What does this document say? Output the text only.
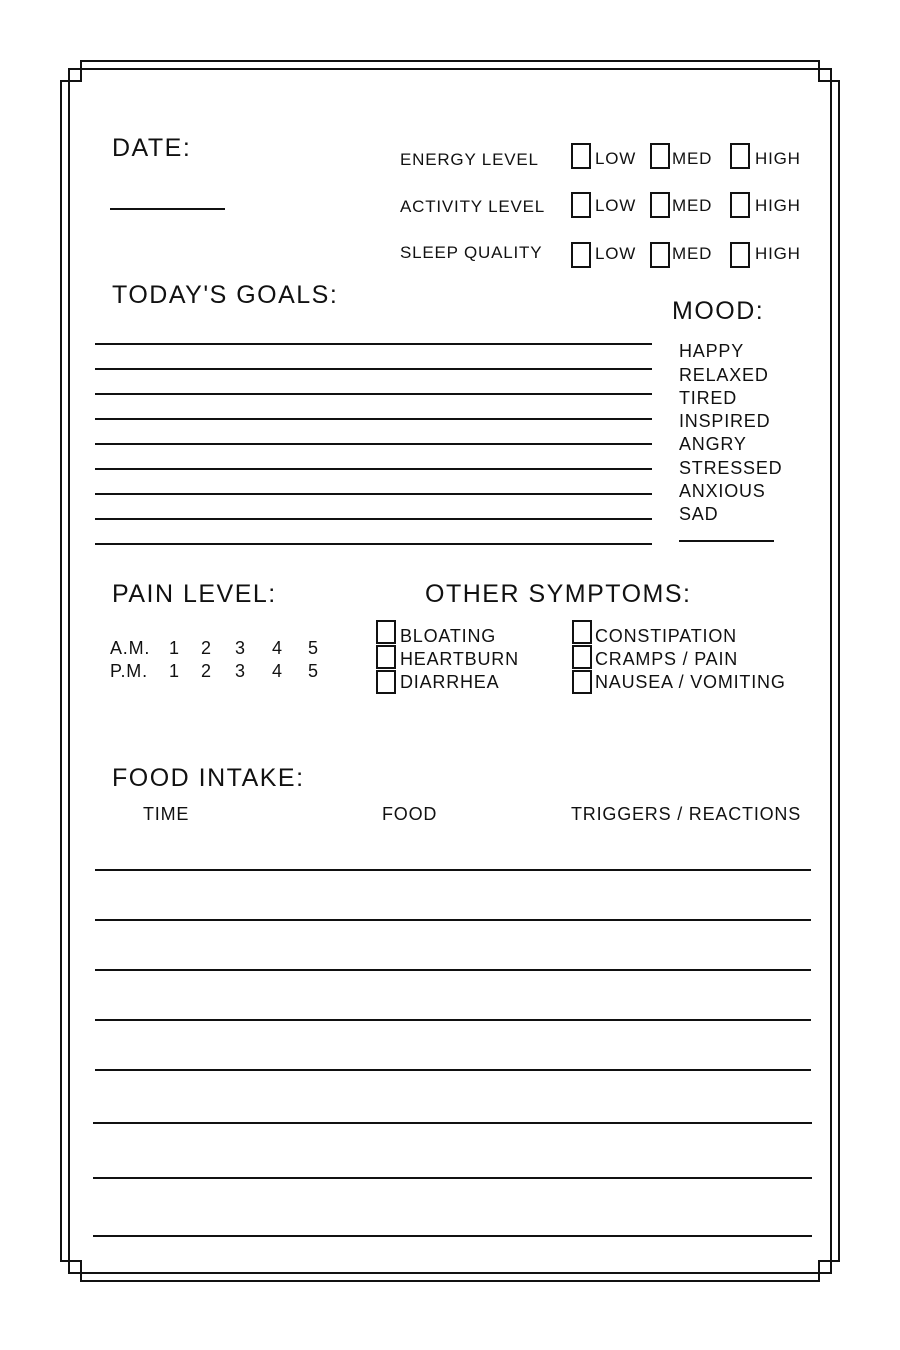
DATE:	ENERGY LEVEL	LOW MED	HIGH
ACTIVITY LEVEL	LOW MED	HIGH
SLEEP QUALITY	LOW MED	HIGH
TODAY'S GOALS:
MOOD:
HAPPY
RELAXED
TIRED
INSPIRED
ANGRY
STRESSED
ANXIOUS
SAD
PAIN LEVEL:
A.M. 1 2 3 4 5
P.M. 1 2 3 4 5
OTHER SYMPTOMS:
BLOATING
HEARTBURN
DIARRHEA
CONSTIPATION
CRAMPS / PAIN
NAUSEA / VOMITING
FOOD INTAKE:
TIME	FOOD	TRIGGERS / REACTIONS
